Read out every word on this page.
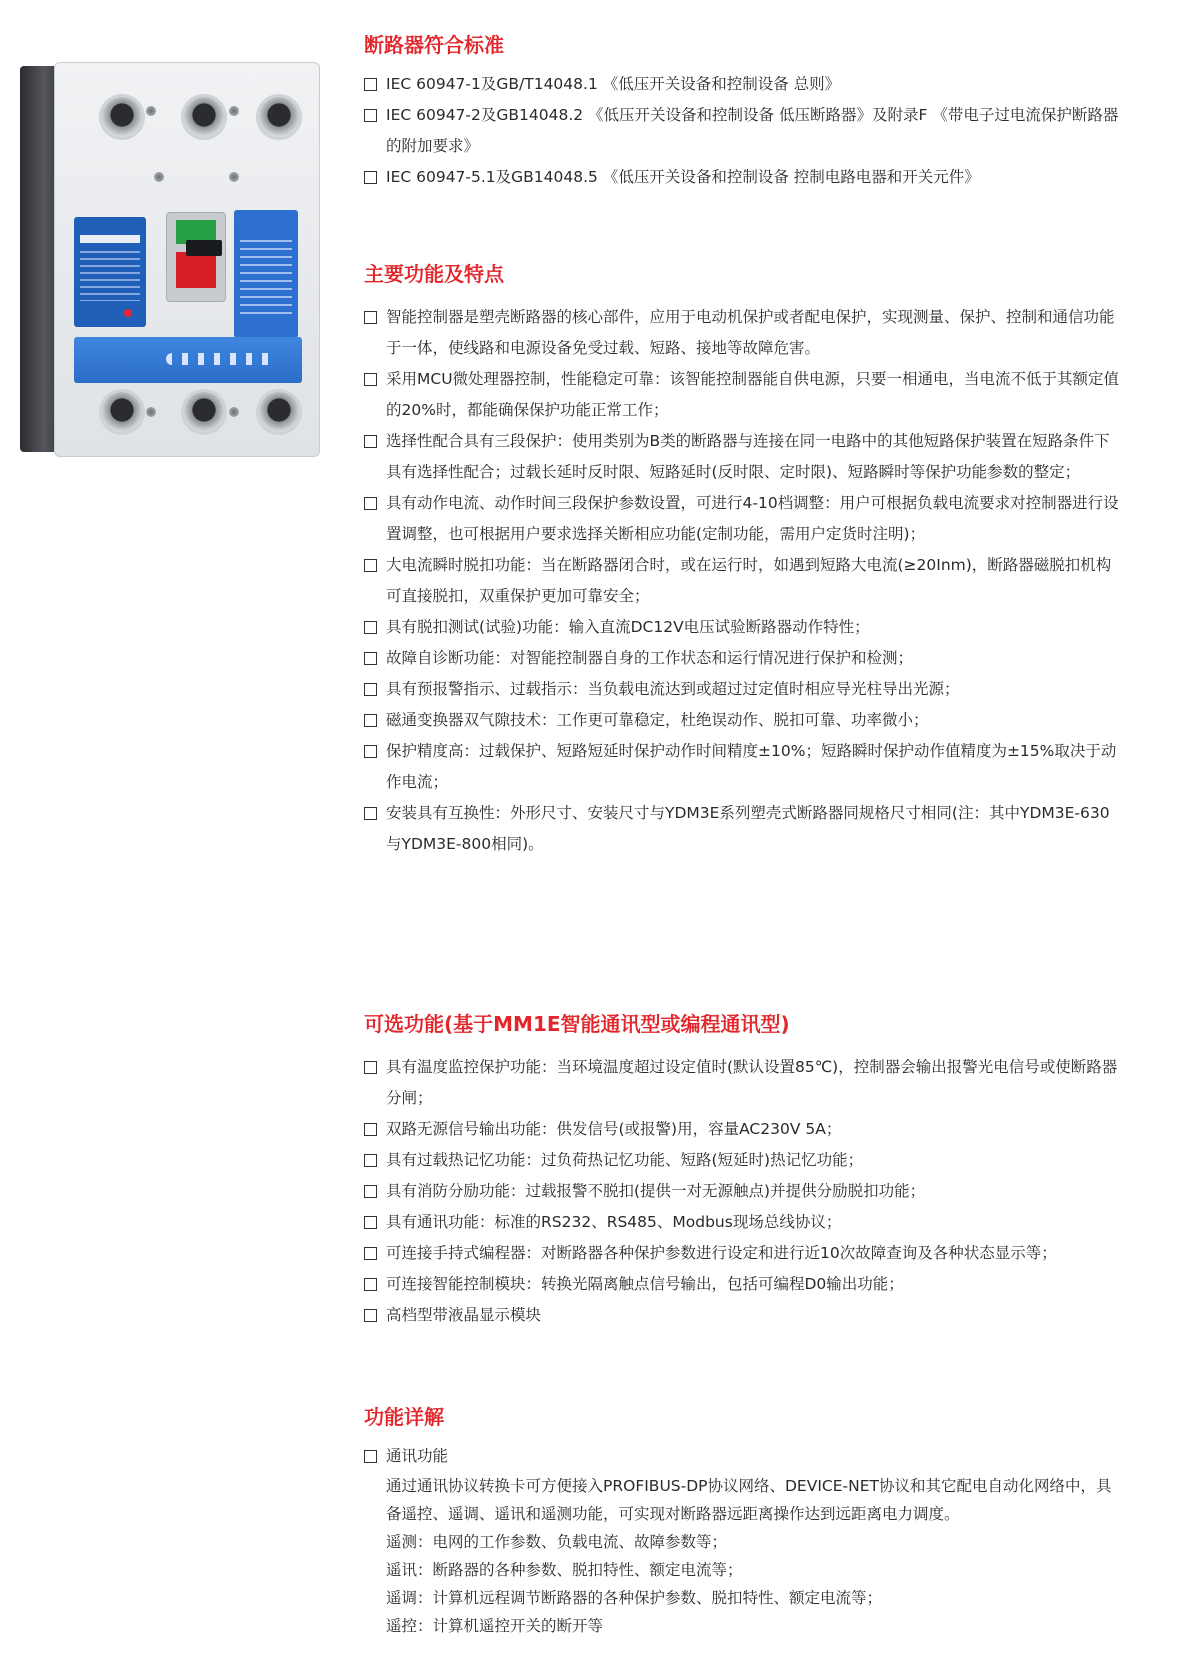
断路器符合标准
IEC 60947-1及GB/T14048.1 《低压开关设备和控制设备 总则》
IEC 60947-2及GB14048.2 《低压开关设备和控制设备 低压断路器》及附录F 《带电子过电流保护断路器的附加要求》
IEC 60947-5.1及GB14048.5 《低压开关设备和控制设备 控制电路电器和开关元件》
主要功能及特点
智能控制器是塑壳断路器的核心部件，应用于电动机保护或者配电保护，实现测量、保护、控制和通信功能于一体，使线路和电源设备免受过载、短路、接地等故障危害。
采用MCU微处理器控制，性能稳定可靠：该智能控制器能自供电源，只要一相通电，当电流不低于其额定值的20%时，都能确保保护功能正常工作；
选择性配合具有三段保护：使用类别为B类的断路器与连接在同一电路中的其他短路保护装置在短路条件下具有选择性配合；过载长延时反时限、短路延时(反时限、定时限)、短路瞬时等保护功能参数的整定；
具有动作电流、动作时间三段保护参数设置，可进行4-10档调整：用户可根据负载电流要求对控制器进行设置调整，也可根据用户要求选择关断相应功能(定制功能，需用户定货时注明)；
大电流瞬时脱扣功能：当在断路器闭合时，或在运行时，如遇到短路大电流(≥20Inm)，断路器磁脱扣机构可直接脱扣，双重保护更加可靠安全；
具有脱扣测试(试验)功能：输入直流DC12V电压试验断路器动作特性；
故障自诊断功能：对智能控制器自身的工作状态和运行情况进行保护和检测；
具有预报警指示、过载指示：当负载电流达到或超过过定值时相应导光柱导出光源；
磁通变换器双气隙技术：工作更可靠稳定，杜绝误动作、脱扣可靠、功率微小；
保护精度高：过载保护、短路短延时保护动作时间精度±10%；短路瞬时保护动作值精度为±15%取决于动作电流；
安装具有互换性：外形尺寸、安装尺寸与YDM3E系列塑壳式断路器同规格尺寸相同(注：其中YDM3E-630与YDM3E-800相同)。
可选功能(基于MM1E智能通讯型或编程通讯型)
具有温度监控保护功能：当环境温度超过设定值时(默认设置85℃)，控制器会输出报警光电信号或使断路器分闸；
双路无源信号输出功能：供发信号(或报警)用，容量AC230V 5A；
具有过载热记忆功能：过负荷热记忆功能、短路(短延时)热记忆功能；
具有消防分励功能：过载报警不脱扣(提供一对无源触点)并提供分励脱扣功能；
具有通讯功能：标准的RS232、RS485、Modbus现场总线协议；
可连接手持式编程器：对断路器各种保护参数进行设定和进行近10次故障查询及各种状态显示等；
可连接智能控制模块：转换光隔离触点信号输出，包括可编程D0输出功能；
高档型带液晶显示模块
功能详解
通讯功能

通过通讯协议转换卡可方便接入PROFIBUS-DP协议网络、DEVICE-NET协议和其它配电自动化网络中，具备遥控、遥调、遥讯和遥测功能，可实现对断路器远距离操作达到远距离电力调度。

遥测：电网的工作参数、负载电流、故障参数等；

遥讯：断路器的各种参数、脱扣特性、额定电流等；

遥调：计算机远程调节断路器的各种保护参数、脱扣特性、额定电流等；

遥控：计算机遥控开关的断开等
